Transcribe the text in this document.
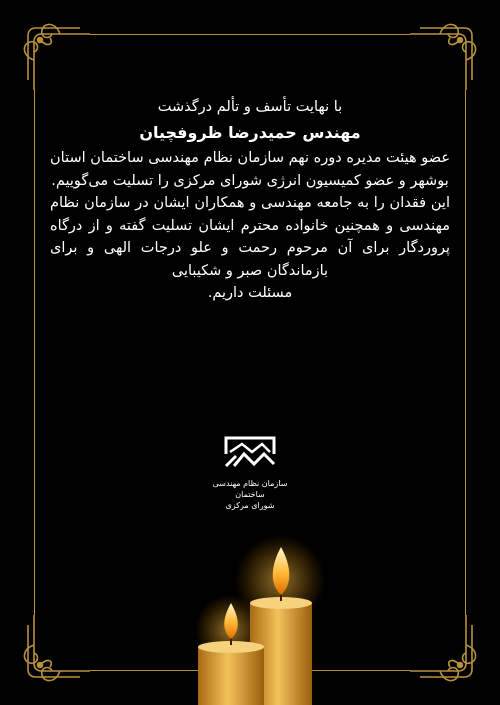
با نهایت تأسف و تألم درگذشت

مهندس حمیدرضا ظروفچیان

عضو هیئت مدیره دوره نهم سازمان نظام مهندسی ساختمان استان بوشهر و عضو کمیسیون انرژی شورای مرکزی را تسلیت می‌گوییم.

این فقدان را به جامعه مهندسی و همکاران ایشان در سازمان نظام مهندسی و همچنین خانواده محترم ایشان تسلیت گفته و از درگاه پروردگار برای آن مرحوم رحمت و علو درجات الهی و برای بازماندگان صبر و شکیبایی

مسئلت داریم.

سازمان نظام مهندسی ساختمان
شورای مرکزی
